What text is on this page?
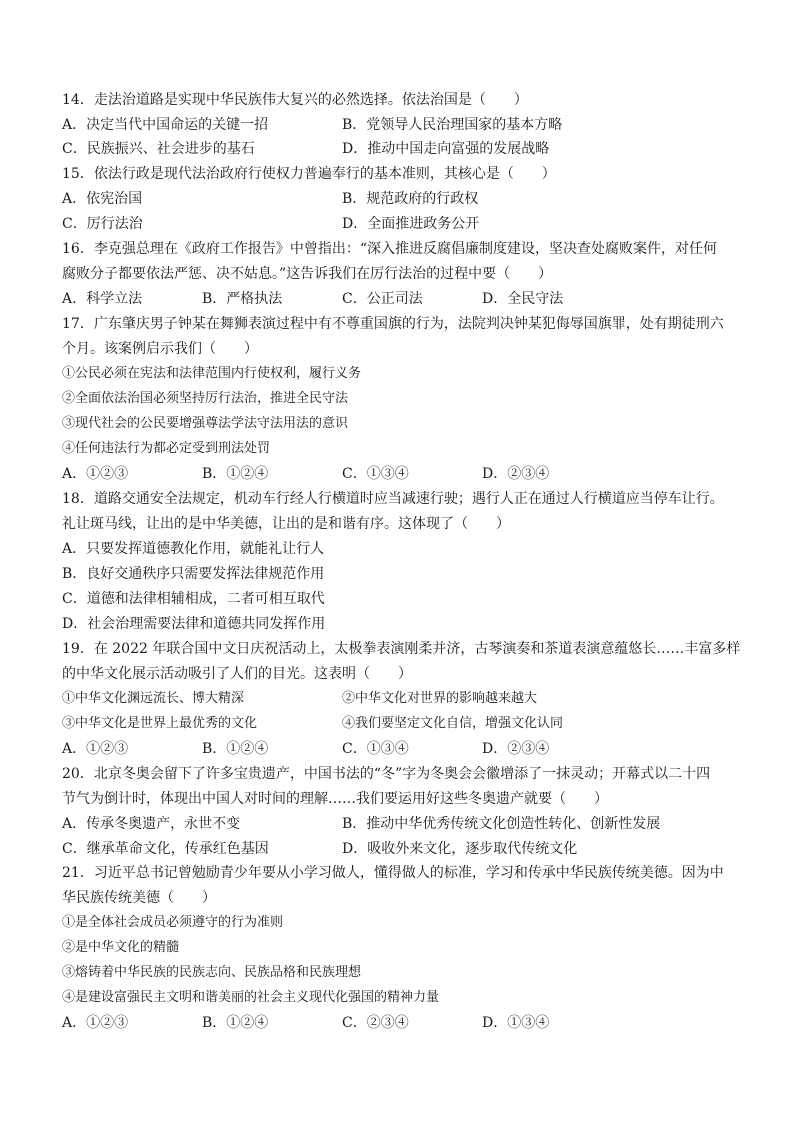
14．走法治道路是实现中华民族伟大复兴的必然选择。依法治国是（　　）
A．决定当代中国命运的关键一招	B．党领导人民治理国家的基本方略
C．民族振兴、社会进步的基石	D．推动中国走向富强的发展战略
15．依法行政是现代法治政府行使权力普遍奉行的基本准则，其核心是（　　）
A．依宪治国	B．规范政府的行政权
C．厉行法治	D．全面推进政务公开
16．李克强总理在《政府工作报告》中曾指出：“深入推进反腐倡廉制度建设，坚决查处腐败案件，对任何
腐败分子都要依法严惩、决不姑息。”这告诉我们在厉行法治的过程中要（　　）
A．科学立法	B．严格执法	C．公正司法	D．全民守法
17．广东肇庆男子钟某在舞狮表演过程中有不尊重国旗的行为，法院判决钟某犯侮辱国旗罪，处有期徒刑六
个月。该案例启示我们（　　）
①公民必须在宪法和法律范围内行使权利，履行义务
②全面依法治国必须坚持厉行法治，推进全民守法
③现代社会的公民要增强尊法学法守法用法的意识
④任何违法行为都必定受到刑法处罚
A．①②③	B．①②④	C．①③④	D．②③④
18．道路交通安全法规定，机动车行经人行横道时应当减速行驶；遇行人正在通过人行横道应当停车让行。
礼让斑马线，让出的是中华美德，让出的是和谐有序。这体现了（　　）
A．只要发挥道德教化作用，就能礼让行人
B．良好交通秩序只需要发挥法律规范作用
C．道德和法律相辅相成，二者可相互取代
D．社会治理需要法律和道德共同发挥作用
19．在 2022 年联合国中文日庆祝活动上，太极拳表演刚柔并济，古琴演奏和茶道表演意蕴悠长……丰富多样
的中华文化展示活动吸引了人们的目光。这表明（　　）
①中华文化渊远流长、博大精深	②中华文化对世界的影响越来越大
③中华文化是世界上最优秀的文化	④我们要坚定文化自信，增强文化认同
A．①②③	B．①②④	C．①③④	D．②③④
20．北京冬奥会留下了许多宝贵遗产，中国书法的“冬”字为冬奥会会徽增添了一抹灵动；开幕式以二十四
节气为倒计时，体现出中国人对时间的理解……我们要运用好这些冬奥遗产就要（　　）
A．传承冬奥遗产，永世不变	B．推动中华优秀传统文化创造性转化、创新性发展
C．继承革命文化，传承红色基因	D．吸收外来文化，逐步取代传统文化
21．习近平总书记曾勉励青少年要从小学习做人，懂得做人的标准，学习和传承中华民族传统美德。因为中
华民族传统美德（　　）
①是全体社会成员必须遵守的行为准则
②是中华文化的精髓
③熔铸着中华民族的民族志向、民族品格和民族理想
④是建设富强民主文明和谐美丽的社会主义现代化强国的精神力量
A．①②③	B．①②④	C．②③④	D．①③④
